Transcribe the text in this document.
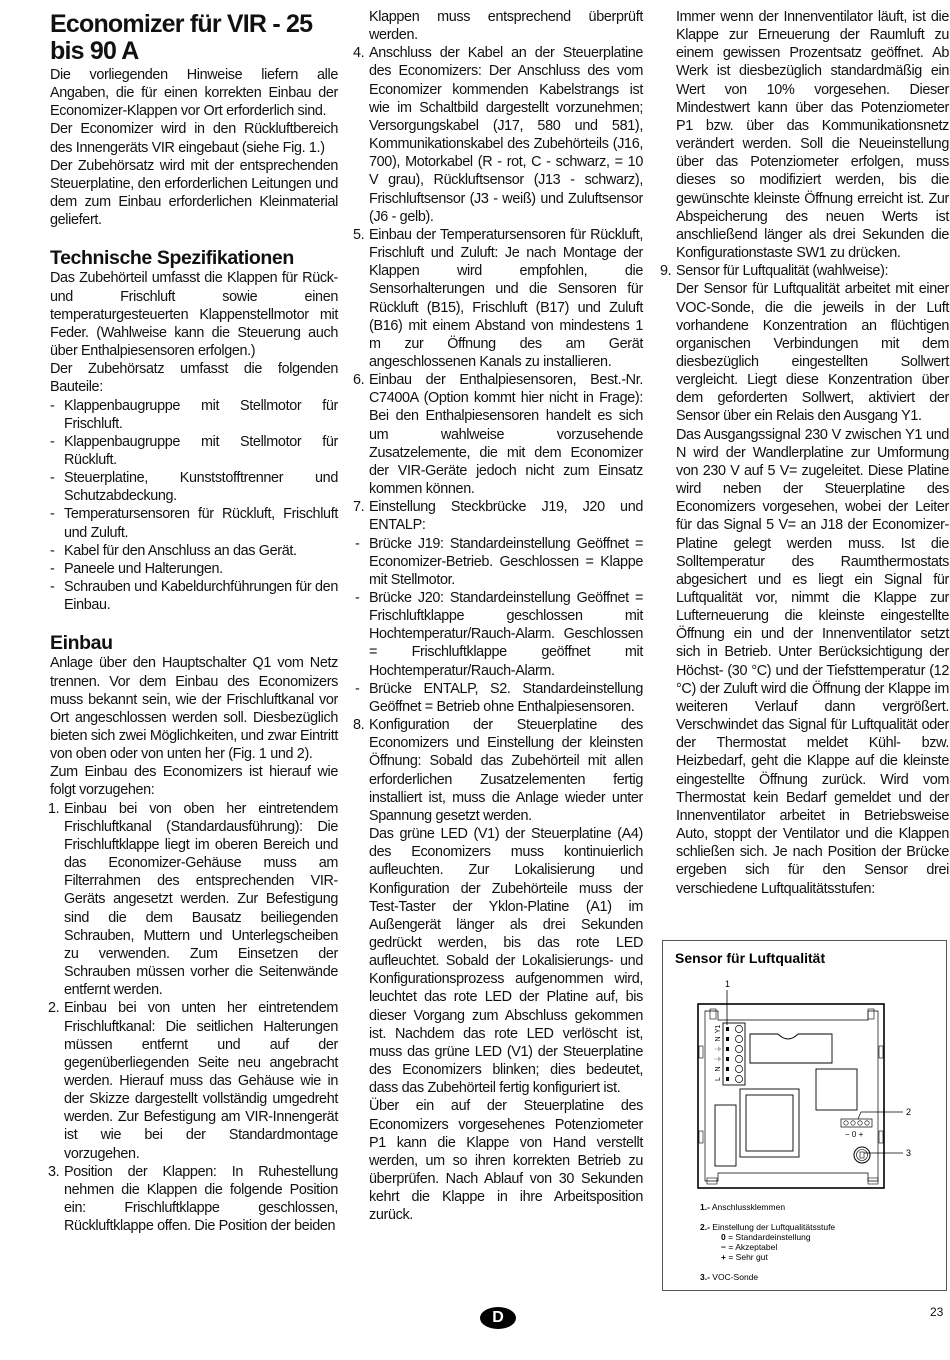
Economizer für VIR - 25 bis 90 A

Die vorliegenden Hinweise liefern alle Angaben, die für einen korrekten Einbau der Economizer-Klappen vor Ort erforderlich sind.

Der Economizer wird in den Rückluftbereich des Innengeräts VIR eingebaut (siehe Fig. 1.)

Der Zubehörsatz wird mit der entsprechenden Steuerplatine, den erforderlichen Leitungen und dem zum Einbau erforderlichen Kleinmaterial geliefert.

Technische Spezifikationen

Das Zubehörteil umfasst die Klappen für Rück- und Frischluft sowie einen temperaturgesteuerten Klappenstellmotor mit Feder. (Wahlweise kann die Steuerung auch über Enthalpiesensoren erfolgen.)

Der Zubehörsatz umfasst die folgenden Bauteile:

- Klappenbaugruppe mit Stellmotor für Frischluft.
- Klappenbaugruppe mit Stellmotor für Rückluft.
- Steuerplatine, Kunststofftrenner und Schutzabdeckung.
- Temperatursensoren für Rückluft, Frischluft und Zuluft.
- Kabel für den Anschluss an das Gerät.
- Paneele und Halterungen.
- Schrauben und Kabeldurchführungen für den Einbau.
Einbau

Anlage über den Hauptschalter Q1 vom Netz trennen. Vor dem Einbau des Economizers muss bekannt sein, wie der Frischluftkanal vor Ort angeschlossen werden soll. Diesbezüglich bieten sich zwei Möglichkeiten, und zwar Eintritt von oben oder von unten her (Fig. 1 und 2).

Zum Einbau des Economizers ist hierauf wie folgt vorzugehen:

1. Einbau bei von oben her eintretendem Frischluftkanal (Standardausführung): Die Frischluftklappe liegt im oberen Bereich und das Economizer-Gehäuse muss am Filterrahmen des entsprechenden VIR-Geräts angesetzt werden. Zur Befestigung sind die dem Bausatz beiliegenden Schrauben, Muttern und Unterlegscheiben zu verwenden. Zum Einsetzen der Schrauben müssen vorher die Seitenwände entfernt werden.
2. Einbau bei von unten her eintretendem Frischluftkanal: Die seitlichen Halterungen müssen entfernt und auf der gegenüberliegenden Seite neu angebracht werden. Hierauf muss das Gehäuse wie in der Skizze dargestellt vollständig umgedreht werden. Zur Befestigung am VIR-Innengerät ist wie bei der Standardmontage vorzugehen.
3. Position der Klappen: In Ruhestellung nehmen die Klappen die folgende Position ein: Frischluftklappe geschlossen, Rückluftklappe offen. Die Position der beiden

Klappen muss entsprechend überprüft werden.

4. Anschluss der Kabel an der Steuerplatine des Economizers: Der Anschluss des vom Economizer kommenden Kabelstrangs ist wie im Schaltbild dargestellt vorzunehmen; Versorgungskabel (J17, 580 und 581), Kommunikationskabel des Zubehörteils (J16, 700), Motorkabel (R - rot, C - schwarz, = 10 V grau), Rückluftsensor (J13 - schwarz), Frischluftsensor (J3 - weiß) und Zuluftsensor (J6 - gelb).
5. Einbau der Temperatursensoren für Rückluft, Frischluft und Zuluft: Je nach Montage der Klappen wird empfohlen, die Sensorhalterungen und die Sensoren für Rückluft (B15), Frischluft (B17) und Zuluft (B16) mit einem Abstand von mindestens 1 m zur Öffnung des am Gerät angeschlossenen Kanals zu installieren.
6. Einbau der Enthalpiesensoren, Best.-Nr. C7400A (Option kommt hier nicht in Frage): Bei den Enthalpiesensoren handelt es sich um wahlweise vorzusehende Zusatzelemente, die mit dem Economizer der VIR-Geräte jedoch nicht zum Einsatz kommen können.
7. Einstellung Steckbrücke J19, J20 und ENTALP:
- Brücke J19: Standardeinstellung Geöffnet = Economizer-Betrieb. Geschlossen = Klappe mit Stellmotor.
- Brücke J20: Standardeinstellung Geöffnet = Frischluftklappe geschlossen mit Hochtemperatur/Rauch-Alarm. Geschlossen = Frischluftklappe geöffnet mit Hochtemperatur/Rauch-Alarm.
- Brücke ENTALP, S2. Standardeinstellung Geöffnet = Betrieb ohne Enthalpiesensoren.
8. Konfiguration der Steuerplatine des Economizers und Einstellung der kleinsten Öffnung: Sobald das Zubehörteil mit allen erforderlichen Zusatzelementen fertig installiert ist, muss die Anlage wieder unter Spannung gesetzt werden.

Das grüne LED (V1) der Steuerplatine (A4) des Economizers muss kontinuierlich aufleuchten. Zur Lokalisierung und Konfiguration der Zubehörteile muss der Test-Taster der Yklon-Platine (A1) im Außengerät länger als drei Sekunden gedrückt werden, bis das rote LED aufleuchtet. Sobald der Lokalisierungs- und Konfigurationsprozess aufgenommen wird, leuchtet das rote LED der Platine auf, bis dieser Vorgang zum Abschluss gekommen ist. Nachdem das rote LED verlöscht ist, muss das grüne LED (V1) der Steuerplatine des Economizers blinken; dies bedeutet, dass das Zubehörteil fertig konfiguriert ist.

Über ein auf der Steuerplatine des Economizers vorgesehenes Potenziometer P1 kann die Klappe von Hand verstellt werden, um so ihren korrekten Betrieb zu überprüfen. Nach Ablauf von 30 Sekunden kehrt die Klappe in ihre Arbeitsposition zurück.

Immer wenn der Innenventilator läuft, ist die Klappe zur Erneuerung der Raumluft zu einem gewissen Prozentsatz geöffnet. Ab Werk ist diesbezüglich standardmäßig ein Wert von 10% vorgesehen. Dieser Mindestwert kann über das Potenziometer P1 bzw. über das Kommunikationsnetz verändert werden. Soll die Neueinstellung über das Potenziometer erfolgen, muss dieses so modifiziert werden, bis die gewünschte kleinste Öffnung erreicht ist. Zur Abspeicherung des neuen Werts ist anschließend länger als drei Sekunden die Konfigurationstaste SW1 zu drücken.

9. Sensor für Luftqualität (wahlweise):

Der Sensor für Luftqualität arbeitet mit einer VOC-Sonde, die die jeweils in der Luft vorhandene Konzentration an flüchtigen organischen Verbindungen mit dem diesbezüglich eingestellten Sollwert vergleicht. Liegt diese Konzentration über dem geforderten Sollwert, aktiviert der Sensor über ein Relais den Ausgang Y1.

Das Ausgangssignal 230 V zwischen Y1 und N wird der Wandlerplatine zur Umformung von 230 V auf 5 V= zugeleitet. Diese Platine wird neben der Steuerplatine des Economizers vorgesehen, wobei der Leiter für das Signal 5 V= an J18 der Economizer-Platine gelegt werden muss. Ist die Solltemperatur des Raumthermostats abgesichert und es liegt ein Signal für Luftqualität vor, nimmt die Klappe zur Lufterneuerung die kleinste eingestellte Öffnung ein und der Innenventilator setzt sich in Betrieb. Unter Berücksichtigung der Höchst- (30 °C) und der Tiefsttemperatur (12 °C) der Zuluft wird die Öffnung der Klappe im weiteren Verlauf dann vergrößert. Verschwindet das Signal für Luftqualität oder der Thermostat meldet Kühl- bzw. Heizbedarf, geht die Klappe auf die kleinste eingestellte Öffnung zurück. Wird vom Thermostat kein Bedarf gemeldet und der Innenventilator arbeitet in Betriebsweise Auto, stoppt der Ventilator und die Klappen schließen sich. Je nach Position der Brücke ergeben sich für den Sensor drei verschiedene Luftqualitätsstufen:

Sensor für Luftqualität
1
Y1
N
⏚
⏚
N
L
− 0 +
2
3
1.- Anschlussklemmen
2.- Einstellung der Luftqualitätsstufe
0 = Standardeinstellung
− = Akzeptabel
+ = Sehr gut
3.- VOC-Sonde
D	23
